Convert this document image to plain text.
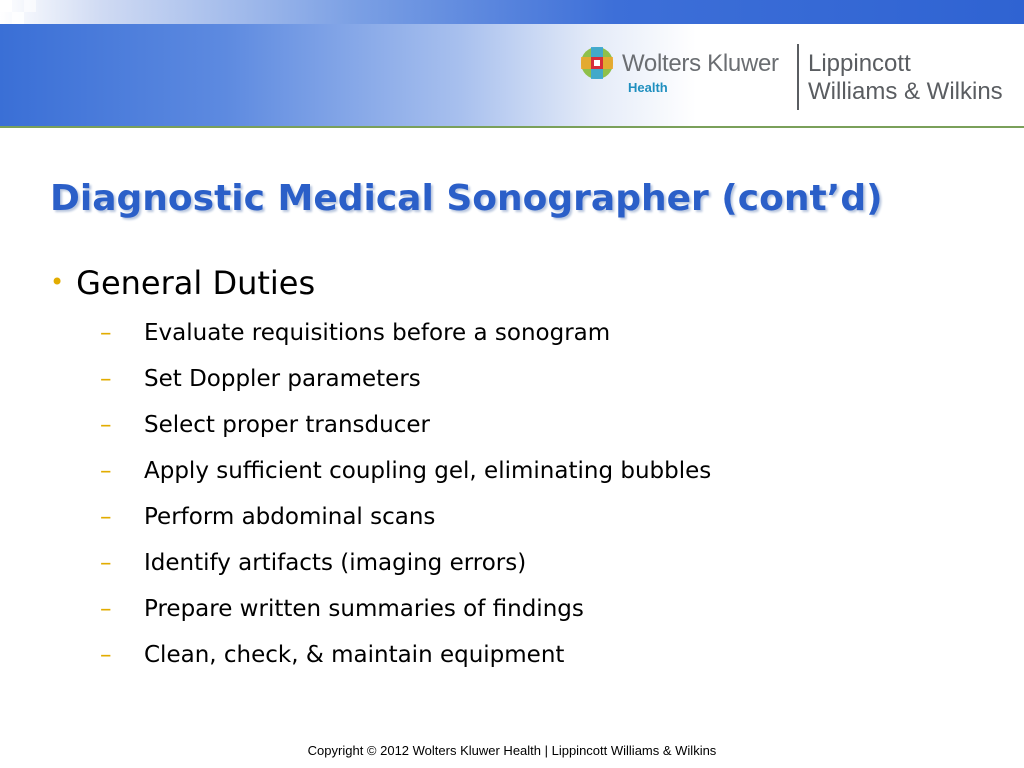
Wolters Kluwer
Health
Lippincott
Williams & Wilkins
Diagnostic Medical Sonographer (cont’d)
• General Duties
–	Evaluate requisitions before a sonogram
–	Set Doppler parameters
–	Select proper transducer
–	Apply sufficient coupling gel, eliminating bubbles
–	Perform abdominal scans
–	Identify artifacts (imaging errors)
–	Prepare written summaries of findings
–	Clean, check, & maintain equipment
Copyright © 2012 Wolters Kluwer Health | Lippincott Williams & Wilkins
